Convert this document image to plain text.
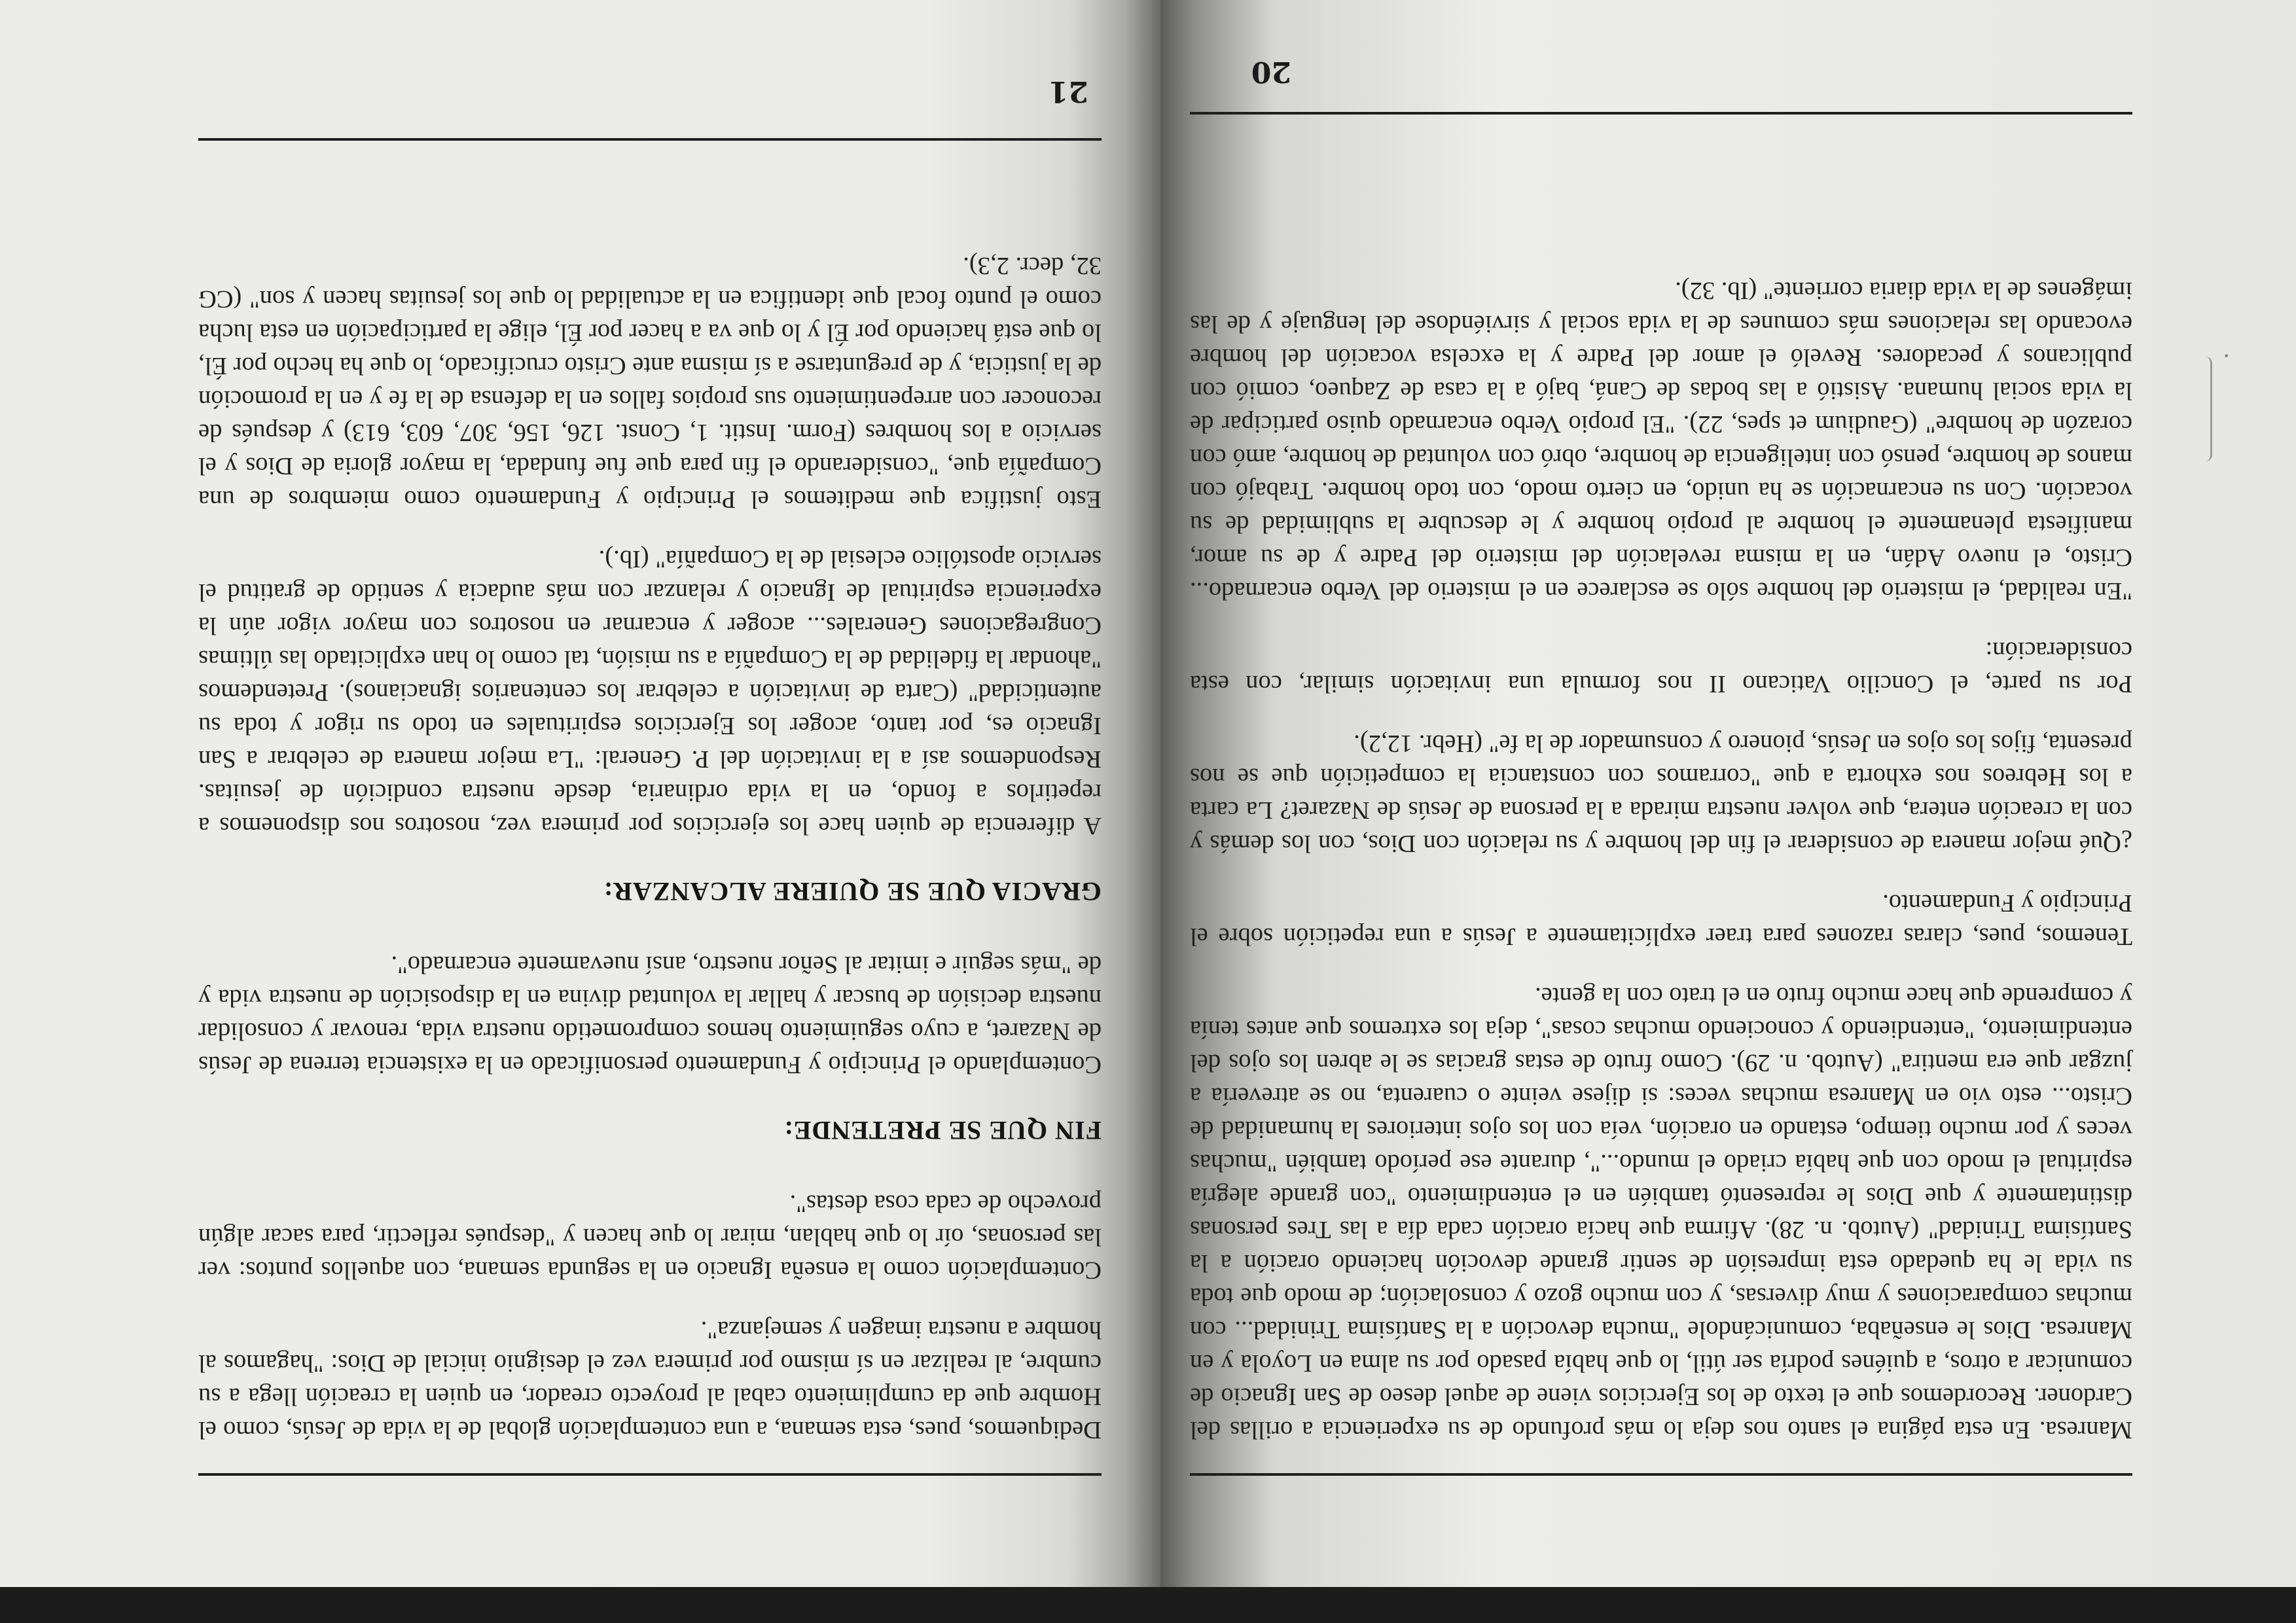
20
·

Manresa. En esta página el santo nos deja lo más profundo de su experiencia a orillas del Cardoner. Recordemos que el texto de los Ejercicios viene de aquel deseo de San Ignacio de comunicar a otros, a quiénes podría ser útil, lo que había pasado por su alma en Loyola y en Manresa. Dios le enseñaba, comunicándole "mucha devoción a la Santísima Trinidad... con muchas comparaciones y muy diversas, y con mucho gozo y consolación; de modo que toda su vida le ha quedado esta impresión de sentir grande devoción haciendo oración a la Santísima Trinidad" (Autob. n. 28). Afirma que hacía oración cada día a las Tres personas distintamente y que Dios le representó también en el entendimiento "con grande alegría espiritual el modo con que había criado el mundo...", durante ese período también "muchas veces y por mucho tiempo, estando en oración, veía con los ojos interiores la humanidad de Cristo... esto vio en Manresa muchas veces: si dijese veinte o cuarenta, no se atrevería a juzgar que era mentira" (Autob. n. 29). Como fruto de estas gracias se le abren los ojos del entendimiento, "entendiendo y conociendo muchas cosas", deja los extremos que antes tenía y comprende que hace mucho fruto en el trato con la gente.

Tenemos, pues, claras razones para traer explícitamente a Jesús a una repetición sobre el Principio y Fundamento.

¿Qué mejor manera de considerar el fin del hombre y su relación con Dios, con los demás y con la creación entera, que volver nuestra mirada a la persona de Jesús de Nazaret? La carta a los Hebreos nos exhorta a que "corramos con constancia la competición que se nos presenta, fijos los ojos en Jesús, pionero y consumador de la fe" (Hebr. 12,2).

Por su parte, el Concilio Vaticano II nos formula una invitación similar, con esta consideración:

"En realidad, el misterio del hombre sólo se esclarece en el misterio del Verbo encarnado... Cristo, el nuevo Adán, en la misma revelación del misterio del Padre y de su amor, manifiesta plenamente el hombre al propio hombre y le descubre la sublimidad de su vocación. Con su encarnación se ha unido, en cierto modo, con todo hombre. Trabajó con manos de hombre, pensó con inteligencia de hombre, obró con voluntad de hombre, amó con corazón de hombre" (Gaudium et spes, 22). "El propio Verbo encarnado quiso participar de la vida social humana. Asistió a las bodas de Caná, bajó a la casa de Zaqueo, comió con publicanos y pecadores. Reveló el amor del Padre y la excelsa vocación del hombre evocando las relaciones más comunes de la vida social y sirviéndose del lenguaje y de las imágenes de la vida diaria corriente" (Ib. 32).

Dediquemos, pues, esta semana, a una contemplación global de la vida de Jesús, como el Hombre que da cumplimiento cabal al proyecto creador, en quien la creación llega a su cumbre, al realizar en sí mismo por primera vez el designio inicial de Dios: "hagamos al hombre a nuestra imagen y semejanza".

Contemplación como la enseña Ignacio en la segunda semana, con aquellos puntos: ver las personas, oír lo que hablan, mirar lo que hacen y "después reflectir, para sacar algún provecho de cada cosa destas".

FIN QUE SE PRETENDE:

Contemplando el Principio y Fundamento personificado en la existencia terrena de Jesús de Nazaret, a cuyo seguimiento hemos comprometido nuestra vida, renovar y consolidar nuestra decisión de buscar y hallar la voluntad divina en la disposición de nuestra vida y de "más seguir e imitar al Señor nuestro, ansí nuevamente encarnado".

GRACIA QUE SE QUIERE ALCANZAR:

A diferencia de quien hace los ejercicios por primera vez, nosotros nos disponemos a repetirlos a fondo, en la vida ordinaria, desde nuestra condición de jesuitas. Respondemos así a la invitación del P. General: "La mejor manera de celebrar a San Ignacio es, por tanto, acoger los Ejercicios espirituales en todo su rigor y toda su autenticidad" (Carta de invitación a celebrar los centenarios ignacianos). Pretendemos "ahondar la fidelidad de la Compañía a su misión, tal como lo han explicitado las últimas Congregaciones Generales... acoger y encarnar en nosotros con mayor vigor aún la experiencia espiritual de Ignacio y relanzar con más audacia y sentido de gratitud el servicio apostólico eclesial de la Compañía" (Ib.).

Esto justifica que meditemos el Principio y Fundamento como miembros de una Compañía que, "considerando el fin para que fue fundada, la mayor gloria de Dios y el servicio a los hombres (Form. Instit. 1, Const. 126, 156, 307, 603, 613) y después de reconocer con arrepentimiento sus propios fallos en la defensa de la fe y en la promoción de la justicia, y de preguntarse a sí misma ante Cristo crucificado, lo que ha hecho por Él, lo que está haciendo por Él y lo que va a hacer por Él, elige la participación en esta lucha como el punto focal que identifica en la actualidad lo que los jesuitas hacen y son" (CG 32, decr. 2,3).

21
